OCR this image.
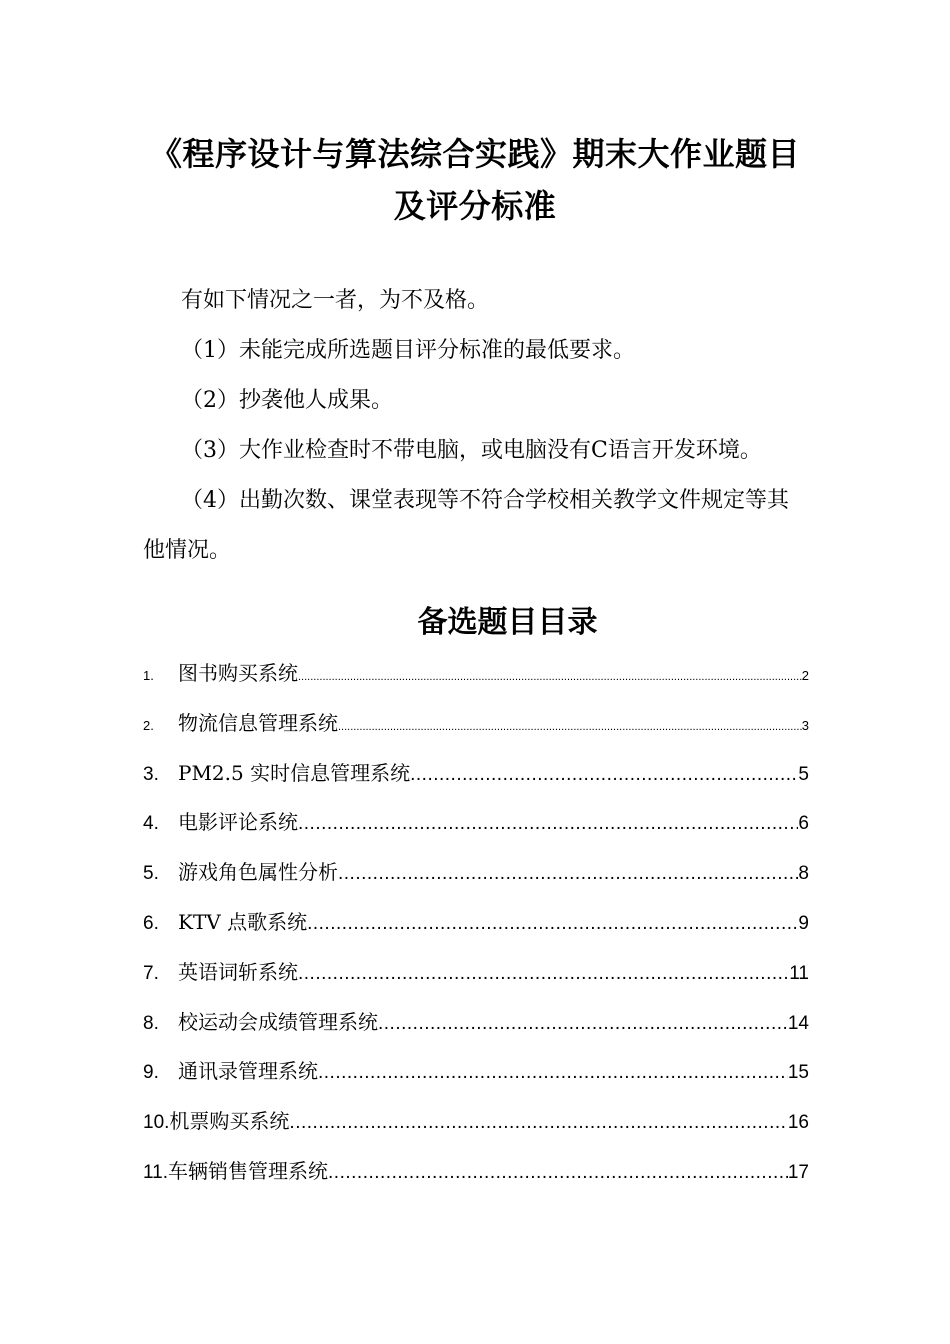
《程序设计与算法综合实践》期末大作业题目
及评分标准

有如下情况之一者，为不及格。

（1）未能完成所选题目评分标准的最低要求。

（2）抄袭他人成果。

（3）大作业检查时不带电脑，或电脑没有C语言开发环境。

（4）出勤次数、课堂表现等不符合学校相关教学文件规定等其他情况。

备选题目目录
1.	图书购买系统 .....	2
2.	物流信息管理系统 .....	3
3. PM2.5 实时信息管理系统 .....	5
4. 电影评论系统 .....	6
5. 游戏角色属性分析 .....	8
6. KTV 点歌系统 .....	9
7. 英语词斩系统 .....	11
8. 校运动会成绩管理系统 .....	14
9. 通讯录管理系统 .....	15
10. 机票购买系统 .....	16
11. 车辆销售管理系统 .....	17
